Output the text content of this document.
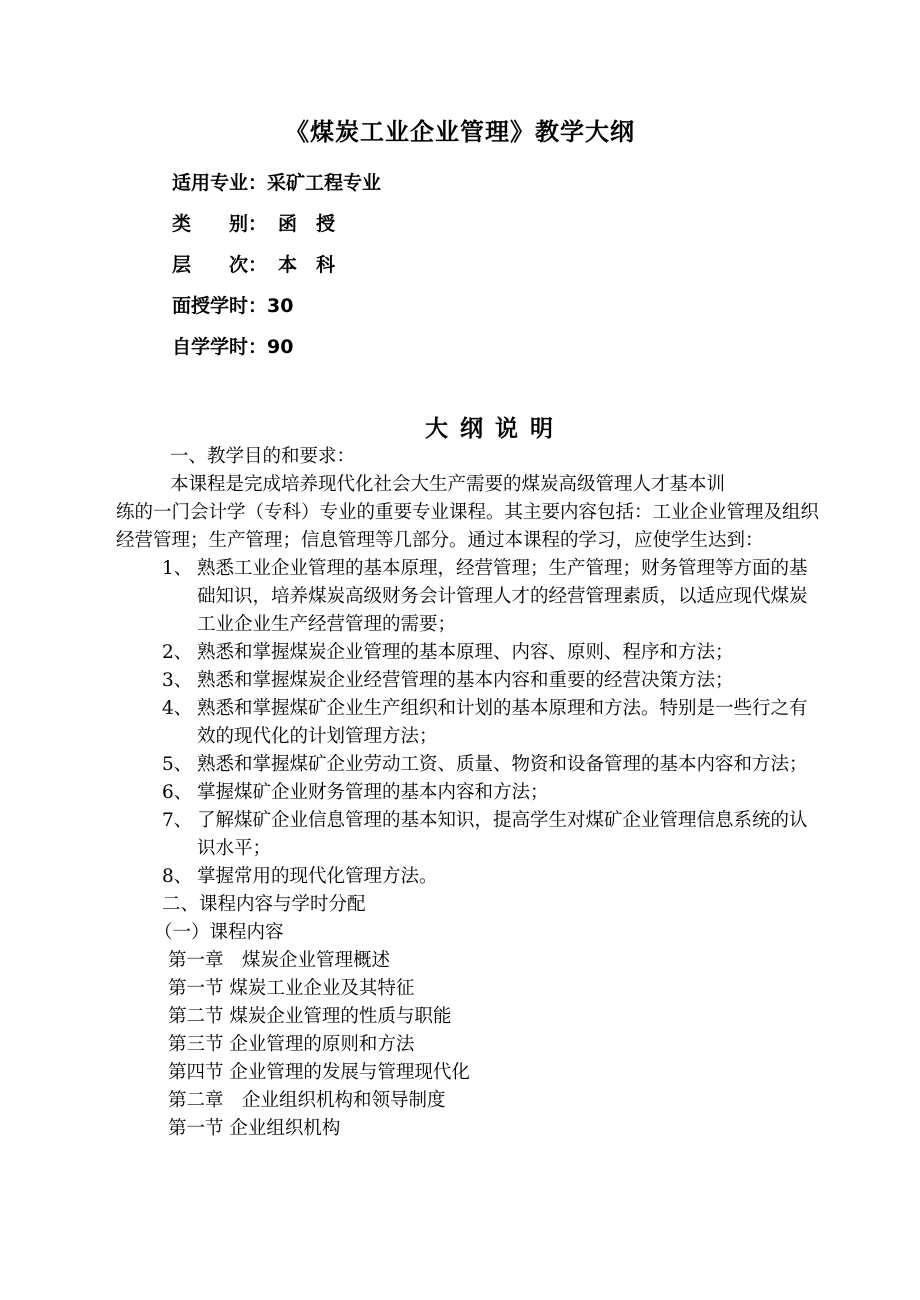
《煤炭工业企业管理》教学大纲
适用专业：采矿工程专业
类　　别： 函　授
层　　次： 本　科
面授学时：30
自学学时：90
大纲说明

一、教学目的和要求：

本课程是完成培养现代化社会大生产需要的煤炭高级管理人才基本训

练的一门会计学（专科）专业的重要专业课程。其主要内容包括：工业企业管理及组织经营管理；生产管理；信息管理等几部分。通过本课程的学习，应使学生达到：

1、 熟悉工业企业管理的基本原理，经营管理；生产管理；财务管理等方面的基础知识，培养煤炭高级财务会计管理人才的经营管理素质，以适应现代煤炭工业企业生产经营管理的需要；
2、 熟悉和掌握煤炭企业管理的基本原理、内容、原则、程序和方法；
3、 熟悉和掌握煤炭企业经营管理的基本内容和重要的经营决策方法；
4、 熟悉和掌握煤矿企业生产组织和计划的基本原理和方法。特别是一些行之有效的现代化的计划管理方法；
5、 熟悉和掌握煤矿企业劳动工资、质量、物资和设备管理的基本内容和方法；
6、 掌握煤矿企业财务管理的基本内容和方法；
7、 了解煤矿企业信息管理的基本知识，提高学生对煤矿企业管理信息系统的认识水平；
8、 掌握常用的现代化管理方法。

二、课程内容与学时分配

（一）课程内容

第一章　煤炭企业管理概述
第一节 煤炭工业企业及其特征
第二节 煤炭企业管理的性质与职能
第三节 企业管理的原则和方法
第四节 企业管理的发展与管理现代化
第二章　企业组织机构和领导制度
第一节 企业组织机构
